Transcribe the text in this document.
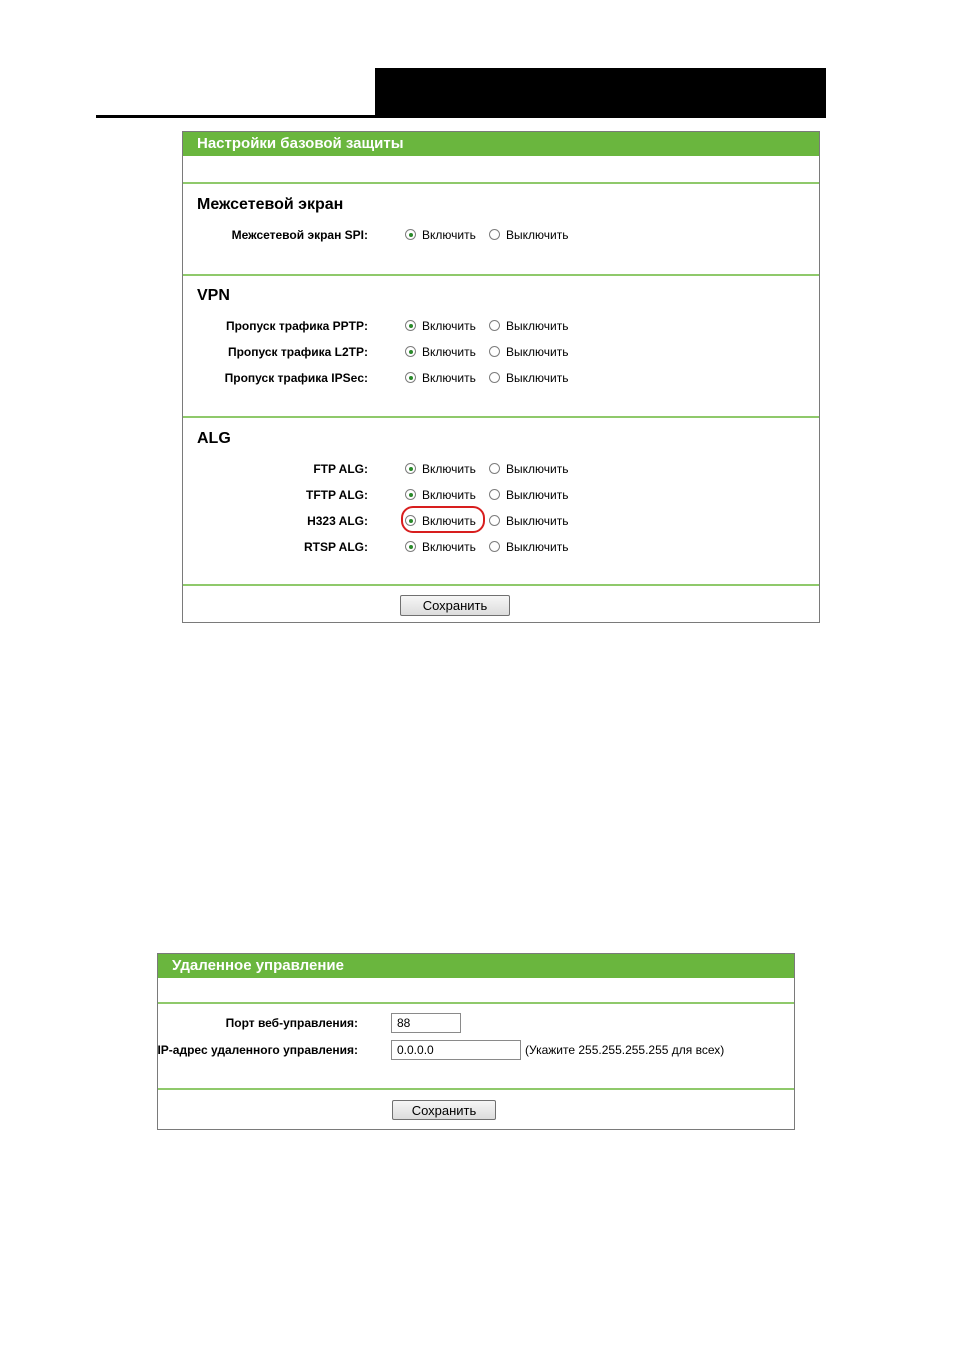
Настройки базовой защиты
Межсетевой экран
Межсетевой экран SPI:	Включить	Выключить
VPN
Пропуск трафика PPTP:	Включить	Выключить
Пропуск трафика L2TP:	Включить	Выключить
Пропуск трафика IPSec:	Включить	Выключить
ALG
FTP ALG:	Включить	Выключить
TFTP ALG:	Включить	Выключить
H323 ALG:	Включить	Выключить
RTSP ALG:	Включить	Выключить
Сохранить
Удаленное управление
Порт веб-управления:
88
IP-адрес удаленного управления:
0.0.0.0	(Укажите 255.255.255.255 для всех)
Сохранить
